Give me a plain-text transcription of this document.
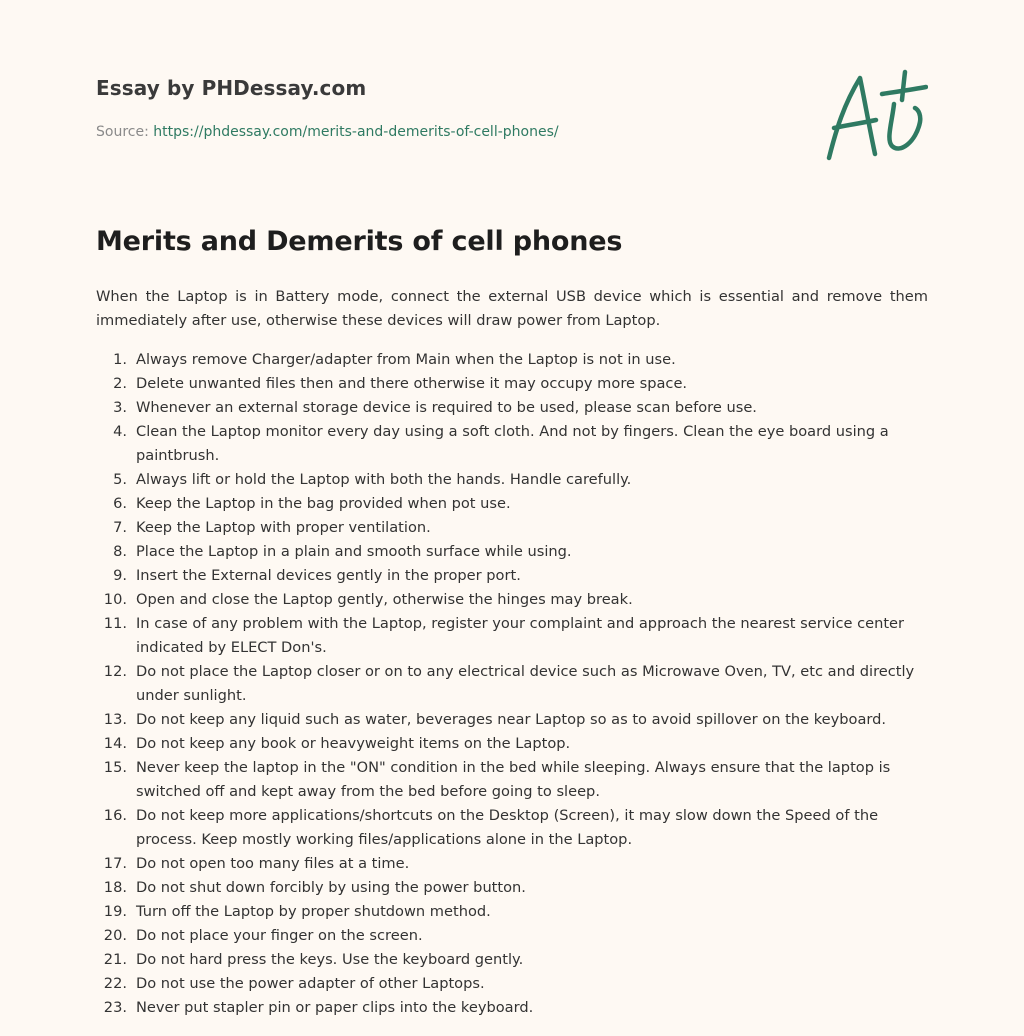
Essay by PHDessay.com
Source: https://phdessay.com/merits-and-demerits-of-cell-phones/
Merits and Demerits of cell phones

When the Laptop is in Battery mode, connect the external USB device which is essential and remove them immediately after use, otherwise these devices will draw power from Laptop.

1. Always remove Charger/adapter from Main when the Laptop is not in use.
2. Delete unwanted files then and there otherwise it may occupy more space.
3. Whenever an external storage device is required to be used, please scan before use.
4. Clean the Laptop monitor every day using a soft cloth. And not by fingers. Clean the eye board using a paintbrush.
5. Always lift or hold the Laptop with both the hands. Handle carefully.
6. Keep the Laptop in the bag provided when pot use.
7. Keep the Laptop with proper ventilation.
8. Place the Laptop in a plain and smooth surface while using.
9. Insert the External devices gently in the proper port.
10. Open and close the Laptop gently, otherwise the hinges may break.
11. In case of any problem with the Laptop, register your complaint and approach the nearest service center indicated by ELECT Don's.
12. Do not place the Laptop closer or on to any electrical device such as Microwave Oven, TV, etc and directly under sunlight.
13. Do not keep any liquid such as water, beverages near Laptop so as to avoid spillover on the keyboard.
14. Do not keep any book or heavyweight items on the Laptop.
15. Never keep the laptop in the "ON" condition in the bed while sleeping. Always ensure that the laptop is switched off and kept away from the bed before going to sleep.
16. Do not keep more applications/shortcuts on the Desktop (Screen), it may slow down the Speed of the process. Keep mostly working files/applications alone in the Laptop.
17. Do not open too many files at a time.
18. Do not shut down forcibly by using the power button.
19. Turn off the Laptop by proper shutdown method.
20. Do not place your finger on the screen.
21. Do not hard press the keys. Use the keyboard gently.
22. Do not use the power adapter of other Laptops.
23. Never put stapler pin or paper clips into the keyboard.
